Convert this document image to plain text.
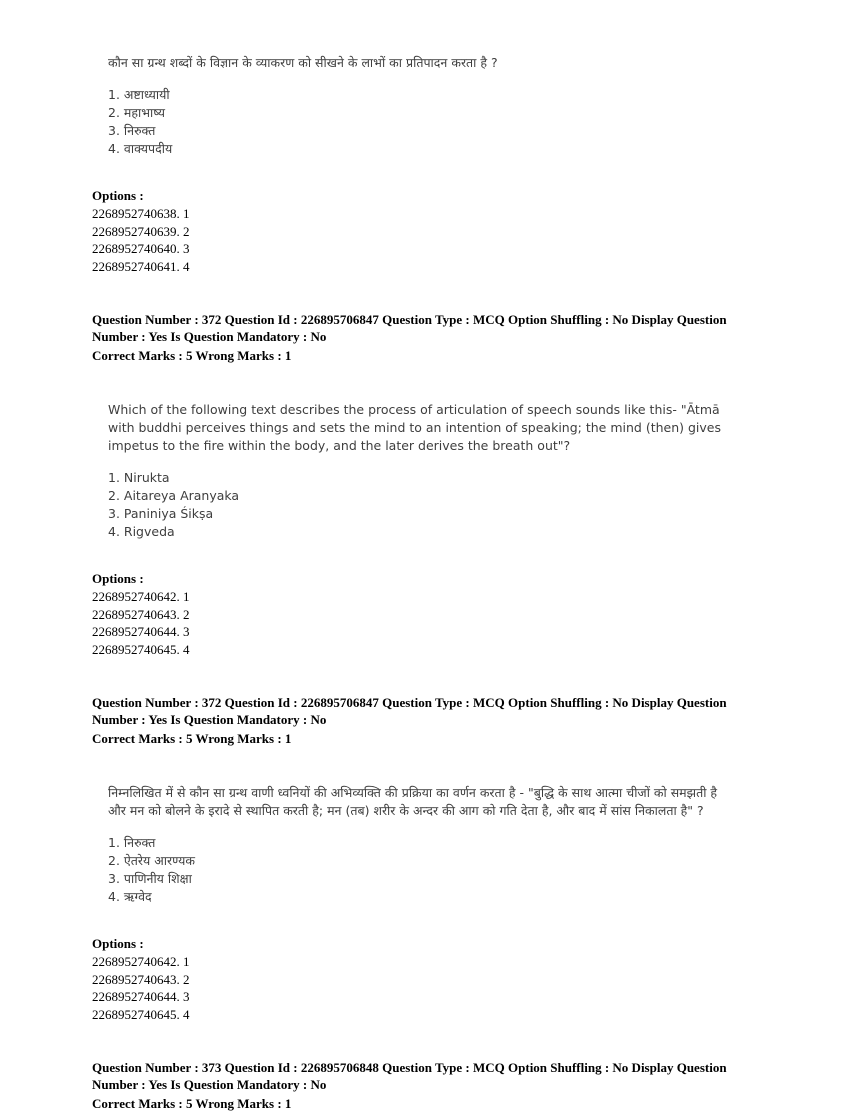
कौन सा ग्रन्थ शब्दों के विज्ञान के व्याकरण को सीखने के लाभों का प्रतिपादन करता है ?

1. अष्टाध्यायी
2. महाभाष्य
3. निरुक्त
4. वाक्यपदीय
Options :
2268952740638. 1
2268952740639. 2
2268952740640. 3
2268952740641. 4
Question Number : 372 Question Id : 226895706847 Question Type : MCQ Option Shuffling : No Display Question Number : Yes Is Question Mandatory : No
Correct Marks : 5 Wrong Marks : 1

Which of the following text describes the process of articulation of speech sounds like this- "Ātmā with buddhi perceives things and sets the mind to an intention of speaking; the mind (then) gives impetus to the fire within the body, and the later derives the breath out"?

1. Nirukta
2. Aitareya Aranyaka
3. Paniniya Śikṣa
4. Rigveda
Options :
2268952740642. 1
2268952740643. 2
2268952740644. 3
2268952740645. 4
Question Number : 372 Question Id : 226895706847 Question Type : MCQ Option Shuffling : No Display Question Number : Yes Is Question Mandatory : No
Correct Marks : 5 Wrong Marks : 1

निम्नलिखित में से कौन सा ग्रन्थ वाणी ध्वनियों की अभिव्यक्ति की प्रक्रिया का वर्णन करता है - "बुद्धि के साथ आत्मा चीजों को समझती है और मन को बोलने के इरादे से स्थापित करती है; मन (तब) शरीर के अन्दर की आग को गति देता है, और बाद में सांस निकालता है" ?

1. निरुक्त
2. ऐतरेय आरण्यक
3. पाणिनीय शिक्षा
4. ऋग्वेद
Options :
2268952740642. 1
2268952740643. 2
2268952740644. 3
2268952740645. 4
Question Number : 373 Question Id : 226895706848 Question Type : MCQ Option Shuffling : No Display Question Number : Yes Is Question Mandatory : No
Correct Marks : 5 Wrong Marks : 1
